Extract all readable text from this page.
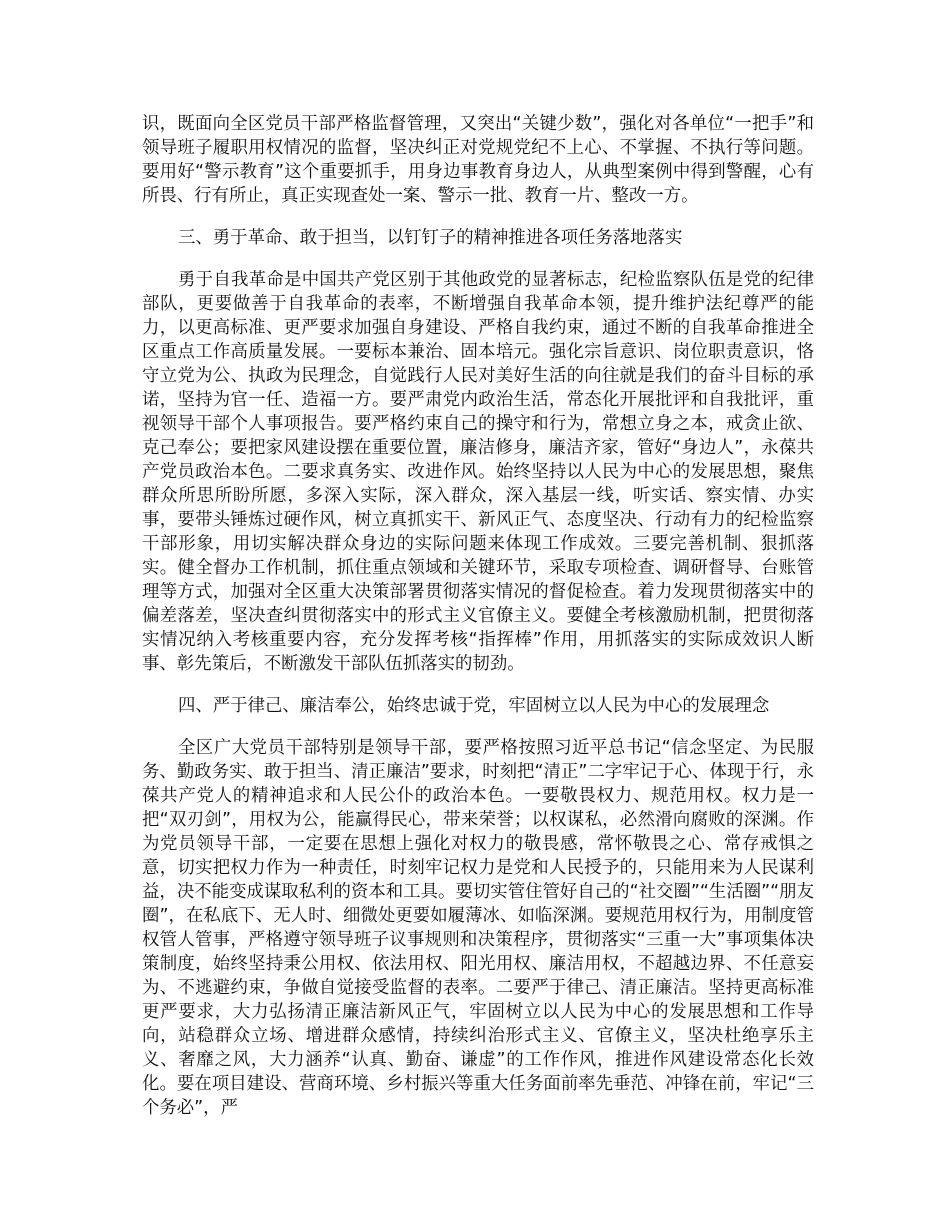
识，既面向全区党员干部严格监督管理，又突出“关键少数”，强化对各单位“一把手”和领导班子履职用权情况的监督，坚决纠正对党规党纪不上心、不掌握、不执行等问题。要用好“警示教育”这个重要抓手，用身边事教育身边人，从典型案例中得到警醒，心有所畏、行有所止，真正实现查处一案、警示一批、教育一片、整改一方。

三、勇于革命、敢于担当，以钉钉子的精神推进各项任务落地落实

勇于自我革命是中国共产党区别于其他政党的显著标志，纪检监察队伍是党的纪律部队，更要做善于自我革命的表率，不断增强自我革命本领，提升维护法纪尊严的能力，以更高标准、更严要求加强自身建设、严格自我约束，通过不断的自我革命推进全区重点工作高质量发展。一要标本兼治、固本培元。强化宗旨意识、岗位职责意识，恪守立党为公、执政为民理念，自觉践行人民对美好生活的向往就是我们的奋斗目标的承诺，坚持为官一任、造福一方。要严肃党内政治生活，常态化开展批评和自我批评，重视领导干部个人事项报告。要严格约束自己的操守和行为，常想立身之本，戒贪止欲、克己奉公；要把家风建设摆在重要位置，廉洁修身，廉洁齐家，管好“身边人”，永葆共产党员政治本色。二要求真务实、改进作风。始终坚持以人民为中心的发展思想，聚焦群众所思所盼所愿，多深入实际，深入群众，深入基层一线，听实话、察实情、办实事，要带头锤炼过硬作风，树立真抓实干、新风正气、态度坚决、行动有力的纪检监察干部形象，用切实解决群众身边的实际问题来体现工作成效。三要完善机制、狠抓落实。健全督办工作机制，抓住重点领域和关键环节，采取专项检查、调研督导、台账管理等方式，加强对全区重大决策部署贯彻落实情况的督促检查。着力发现贯彻落实中的偏差落差，坚决查纠贯彻落实中的形式主义官僚主义。要健全考核激励机制，把贯彻落实情况纳入考核重要内容，充分发挥考核“指挥棒”作用，用抓落实的实际成效识人断事、彰先策后，不断激发干部队伍抓落实的韧劲。

四、严于律己、廉洁奉公，始终忠诚于党，牢固树立以人民为中心的发展理念

全区广大党员干部特别是领导干部，要严格按照习近平总书记“信念坚定、为民服务、勤政务实、敢于担当、清正廉洁”要求，时刻把“清正”二字牢记于心、体现于行，永葆共产党人的精神追求和人民公仆的政治本色。一要敬畏权力、规范用权。权力是一把“双刃剑”，用权为公，能赢得民心，带来荣誉；以权谋私，必然滑向腐败的深渊。作为党员领导干部，一定要在思想上强化对权力的敬畏感，常怀敬畏之心、常存戒惧之意，切实把权力作为一种责任，时刻牢记权力是党和人民授予的，只能用来为人民谋利益，决不能变成谋取私利的资本和工具。要切实管住管好自己的“社交圈”“生活圈”“朋友圈”，在私底下、无人时、细微处更要如履薄冰、如临深渊。要规范用权行为，用制度管权管人管事，严格遵守领导班子议事规则和决策程序，贯彻落实“三重一大”事项集体决策制度，始终坚持秉公用权、依法用权、阳光用权、廉洁用权，不超越边界、不任意妄为、不逃避约束，争做自觉接受监督的表率。二要严于律己、清正廉洁。坚持更高标准更严要求，大力弘扬清正廉洁新风正气，牢固树立以人民为中心的发展思想和工作导向，站稳群众立场、增进群众感情，持续纠治形式主义、官僚主义，坚决杜绝享乐主义、奢靡之风，大力涵养“认真、勤奋、谦虚”的工作作风，推进作风建设常态化长效化。要在项目建设、营商环境、乡村振兴等重大任务面前率先垂范、冲锋在前，牢记“三个务必”，严
